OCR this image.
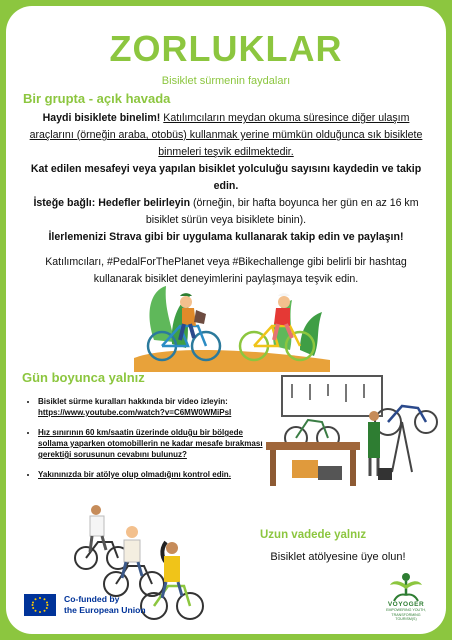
ZORLUKLAR
Bisiklet sürmenin faydaları
Bir grupta - açık havada

Haydi bisiklete binelim! Katılımcıların meydan okuma süresince diğer ulaşım araçlarını (örneğin araba, otobüs) kullanmak yerine mümkün olduğunca sık bisiklete binmeleri teşvik edilmektedir.

Kat edilen mesafeyi veya yapılan bisiklet yolculuğu sayısını kaydedin ve takip edin.

İsteğe bağlı: Hedefler belirleyin (örneğin, bir hafta boyunca her gün en az 16 km bisiklet sürün veya bisiklete binin).

İlerlemenizi Strava gibi bir uygulama kullanarak takip edin ve paylaşın!

Katılımcıları, #PedalForThePlanet veya #Bikechallenge gibi belirli bir hashtag kullanarak bisiklet deneyimlerini paylaşmaya teşvik edin.
Gün boyunca yalnız
• Bisiklet sürme kuralları hakkında bir video izleyin:
https://www.youtube.com/watch?v=C6MW0WMiPsI
• Hız sınırının 60 km/saatin üzerinde olduğu bir bölgede sollama yaparken otomobillerin ne kadar mesafe bırakması gerektiği sorusunun cevabını bulunuz?
• Yakınınızda bir atölye olup olmadığını kontrol edin.
Uzun vadede yalnız
Bisiklet atölyesine üye olun!
Co-funded by
the European Union
VOYOGER
EMPOWERING YOUTH,
TRANSFORMING
TOURISM(S)
